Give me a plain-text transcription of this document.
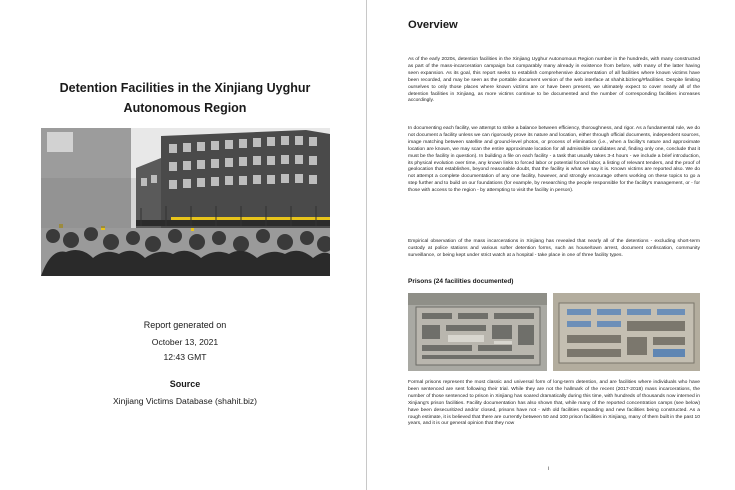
Detention Facilities in the Xinjiang Uyghur
Autonomous Region
Report generated on
October 13, 2021
12:43 GMT
Source
Xinjiang Victims Database (shahit.biz)
Overview

As of the early 2020s, detention facilities in the Xinjiang Uyghur Autonomous Region number in the hundreds, with many constructed as part of the mass-incarceration campaign but comparably many already in existence from before, with many of the latter having seen expansion. As its goal, this report seeks to establish comprehensive documentation of all facilities where known victims have been recorded, and may be seen as the portable document version of the web interface at shahit.biz/eng/#facilities. Despite limiting ourselves to only those places where known victims are or have been present, we ultimately expect to cover nearly all of the detention facilities in Xinjiang, as more victims continue to be documented and the number of corresponding facilities increases accordingly.

In documenting each facility, we attempt to strike a balance between efficiency, thoroughness, and rigor. As a fundamental rule, we do not document a facility unless we can rigorously prove its nature and location, either through official documents, independent sources, image matching between satellite and ground-level photos, or process of elimination (i.e., when a facility's nature and approximate location are known, we may scan the entire approximate location for all admissible candidates and, finding only one, conclude that it must be the facility in question). In building a file on each facility - a task that usually takes 3-4 hours - we include a brief introduction, its physical evolution over time, any known links to forced labor or potential forced labor, a listing of relevant tenders, and the proof of geolocation that establishes, beyond reasonable doubt, that the facility is what we say it is. Known victims are reported also. We do not attempt a complete documentation of any one facility, however, and strongly encourage others working on these topics to go a step further and to build on our foundations (for example, by researching the people responsible for the facility's management, or - for those with access to the region - by attempting to visit the facility in person).

Empirical observation of the mass incarcerations in Xinjiang has revealed that nearly all of the detentions - excluding short-term custody at police stations and various softer detention forms, such as house/town arrest, document confiscation, community surveillance, or being kept under strict watch at a hospital - take place in one of three facility types.

Prisons (24 facilities documented)

Formal prisons represent the most classic and universal form of long-term detention, and are facilities where individuals who have been sentenced are sent following their trial. While they are not the hallmark of the recent (2017-2018) mass incarcerations, the number of those sentenced to prison in Xinjiang has soared dramatically during this time, with hundreds of thousands now interned in Xinjiang's prison facilities. Facility documentation has also shown that, while many of the reported concentration camps (see below) have been desecuritized and/or closed, prisons have not - with old facilities expanding and new facilities being constructed. As a rough estimate, it is believed that there are currently between 50 and 100 prison facilities in Xinjiang, many of them built in the past 10 years, and it is our general opinion that they now

i
